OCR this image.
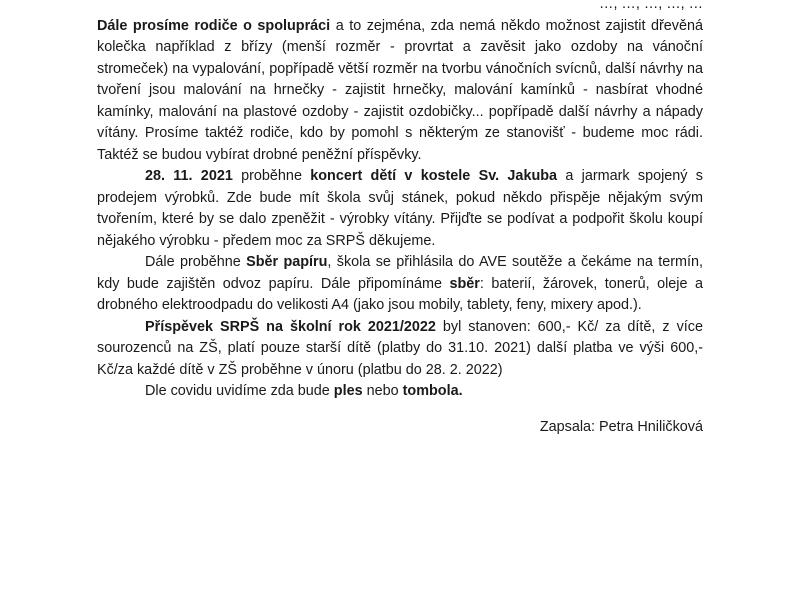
…, …, …, …, …

Dále prosíme rodiče o spolupráci a to zejména, zda nemá někdo možnost zajistit dřevěná kolečka například z břízy (menší rozměr - provrtat a zavěsit jako ozdoby na vánoční stromeček) na vypalování, popřípadě větší rozměr na tvorbu vánočních svícnů, další návrhy na tvoření jsou malování na hrnečky - zajistit hrnečky, malování kamínků - nasbírat vhodné kamínky, malování na plastové ozdoby - zajistit ozdobičky... popřípadě další návrhy a nápady vítány. Prosíme taktéž rodiče, kdo by pomohl s některým ze stanovišť - budeme moc rádi. Taktéž se budou vybírat drobné peněžní příspěvky.

28. 11. 2021 proběhne koncert dětí v kostele Sv. Jakuba a jarmark spojený s prodejem výrobků. Zde bude mít škola svůj stánek, pokud někdo přispěje nějakým svým tvořením, které by se dalo zpeněžit - výrobky vítány. Přijďte se podívat a podpořit školu koupí nějakého výrobku - předem moc za SRPŠ děkujeme.

Dále proběhne Sběr papíru, škola se přihlásila do AVE soutěže a čekáme na termín, kdy bude zajištěn odvoz papíru. Dále připomínáme sběr: baterií, žárovek, tonerů, oleje a drobného elektroodpadu do velikosti A4 (jako jsou mobily, tablety, feny, mixery apod.).

Příspěvek SRPŠ na školní rok 2021/2022 byl stanoven: 600,- Kč/ za dítě, z více sourozenců na ZŠ, platí pouze starší dítě (platby do 31.10. 2021) další platba ve výši 600,-Kč/za každé dítě v ZŠ proběhne v únoru (platbu do 28. 2. 2022)

Dle covidu uvidíme zda bude ples nebo tombola.

Zapsala: Petra Hniličková
